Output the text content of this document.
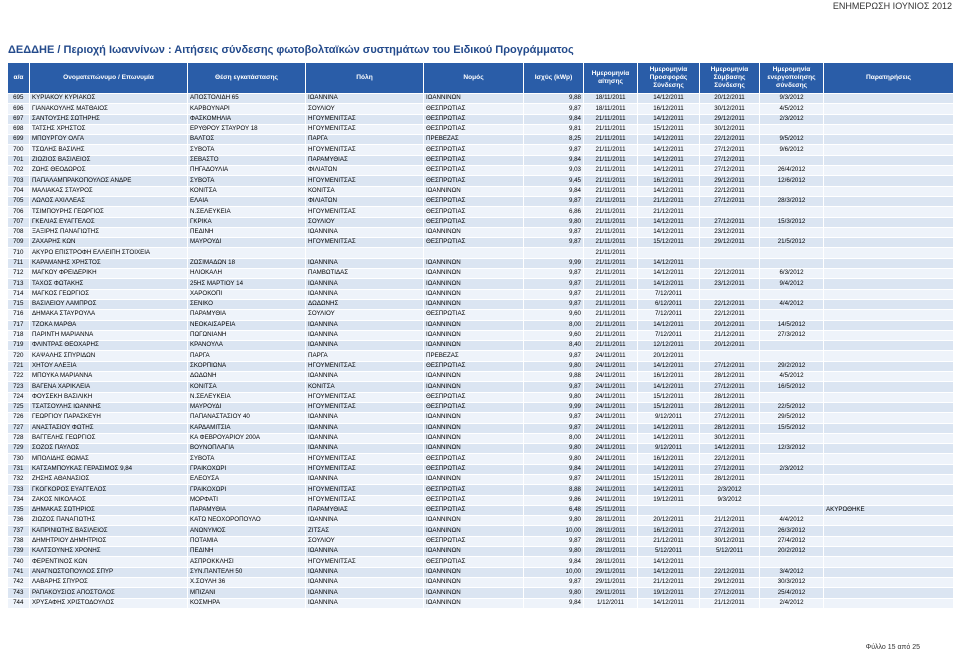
ΕΝΗΜΕΡΩΣΗ ΙΟΥΝΙΟΣ 2012
ΔΕΔΔΗΕ / Περιοχή Ιωαννίνων : Αιτήσεις σύνδεσης φωτοβολταϊκών συστημάτων του Ειδικού Προγράμματος
α/α	Ονοματεπώνυμο / Επωνυμία	Θέση εγκατάστασης	Πόλη	Νομός	Ισχύς (kWp)	Ημερομηνία αίτησης	Ημερομηνία Προσφοράς Σύνδεσης	Ημερομηνία Σύμβασης Σύνδεσης	Ημερομηνία ενεργοποίησης σύνδεσης	Παρατηρήσεις
695	ΚΥΡΙΑΚΟΥ ΚΥΡΙΑΚΟΣ	ΑΠΟΣΤΟΛΙΔΗ 65	ΙΩΑΝΝΙΝΑ	ΙΩΑΝΝΙΝΩΝ	9,88	18/11/2011	14/12/2011	20/12/2011	9/3/2012	
696	ΓΙΑΝΑΚΟΥΛΗΣ ΜΑΤΘΑΙΟΣ	ΚΑΡΒΟΥΝΑΡΙ	ΣΟΥΛΙΟΥ	ΘΕΣΠΡΩΤΙΑΣ	9,87	18/11/2011	16/12/2011	30/12/2011	4/5/2012	
697	ΣΑΝΤΟΥΣΗΣ ΣΩΤΗΡΗΣ	ΦΑΣΚΟΜΗΛΙΑ	ΗΓΟΥΜΕΝΙΤΣΑΣ	ΘΕΣΠΡΩΤΙΑΣ	9,84	21/11/2011	14/12/2011	29/12/2011	2/3/2012	
698	ΤΑΤΣΗΣ ΧΡΗΣΤΟΣ	ΕΡΥΘΡΟΥ ΣΤΑΥΡΟΥ 18	ΗΓΟΥΜΕΝΙΤΣΑΣ	ΘΕΣΠΡΩΤΙΑΣ	9,81	21/11/2011	15/12/2011	30/12/2011		
699	ΜΠΟΥΡΓΟΥ ΟΛΓΑ	ΒΑΛΤΟΣ	ΠΑΡΓΑ	ΠΡΕΒΕΖΑΣ	8,25	21/11/2011	14/12/2011	22/12/2011	9/5/2012	
700	ΤΣΩΛΗΣ ΒΑΣΙΛΗΣ	ΣΥΒΟΤΑ	ΗΓΟΥΜΕΝΙΤΣΑΣ	ΘΕΣΠΡΩΤΙΑΣ	9,87	21/11/2011	14/12/2011	27/12/2011	9/6/2012	
701	ΖΙΩΖΙΟΣ ΒΑΣΙΛΕΙΟΣ	ΣΕΒΑΣΤΟ	ΠΑΡΑΜΥΘΙΑΣ	ΘΕΣΠΡΩΤΙΑΣ	9,84	21/11/2011	14/12/2011	27/12/2011		
702	ΖΩΗΣ ΘΕΟΔΩΡΟΣ	ΠΗΓΑΔΟΥΛΙΑ	ΦΙΛΙΑΤΩΝ	ΘΕΣΠΡΩΤΙΑΣ	9,03	21/11/2011	14/12/2011	27/12/2011	26/4/2012	
703	ΠΑΠΑΛΑΜΠΡΑΚΟΠΟΥΛΟΣ ΑΝΔΡΕ	ΣΥΒΟΤΑ	ΗΓΟΥΜΕΝΙΤΣΑΣ	ΘΕΣΠΡΩΤΙΑΣ	9,45	21/11/2011	16/12/2011	29/12/2011	12/6/2012	
704	ΜΑΛΙΑΚΑΣ ΣΤΑΥΡΟΣ	ΚΟΝΙΤΣΑ	ΚΟΝΙΤΣΑ	ΙΩΑΝΝΙΝΩΝ	9,84	21/11/2011	14/12/2011	22/12/2011		
705	ΛΩΛΟΣ ΑΧΙΛΛΕΑΣ	ΕΛΑΙΑ	ΦΙΛΙΑΤΩΝ	ΘΕΣΠΡΩΤΙΑΣ	9,87	21/11/2011	21/12/2011	27/12/2011	28/3/2012	
706	ΤΣΙΜΠΟΥΡΗΣ ΓΕΩΡΓΙΟΣ	Ν.ΣΕΛΕΥΚΕΙΑ	ΗΓΟΥΜΕΝΙΤΣΑΣ	ΘΕΣΠΡΩΤΙΑΣ	6,86	21/11/2011	21/12/2011			
707	ΓΚΕΛΙΑΣ ΕΥΑΓΓΕΛΟΣ	ΓΚΡΙΚΑ	ΣΟΥΛΙΟΥ	ΘΕΣΠΡΩΤΙΑΣ	9,80	21/11/2011	14/12/2011	27/12/2011	15/3/2012	
708	ΞΑΞΙΡΗΣ ΠΑΝΑΓΙΩΤΗΣ	ΠΕΔΙΝΗ	ΙΩΑΝΝΙΝΑ	ΙΩΑΝΝΙΝΩΝ	9,87	21/11/2011	14/12/2011	23/12/2011		
709	ΖΑΧΑΡΗΣ ΚΩΝ	ΜΑΥΡΟΥΔΙ	ΗΓΟΥΜΕΝΙΤΣΑΣ	ΘΕΣΠΡΩΤΙΑΣ	9,87	21/11/2011	15/12/2011	29/12/2011	21/5/2012	
710	ΑΚΥΡΟ ΕΠΙΣΤΡΟΦΗ ΕΛΛΕΙΠΗ ΣΤΟΙΧΕΙΑ					21/11/2011				
711	ΚΑΡΑΜΑΝΗΣ ΧΡΗΣΤΟΣ	ΖΩΣΙΜΑΔΩΝ 18	ΙΩΑΝΝΙΝΑ	ΙΩΑΝΝΙΝΩΝ	9,99	21/11/2011	14/12/2011			
712	ΜΑΓΚΟΥ ΦΡΕΙΔΕΡΙΚΗ	ΗΛΙΟΚΑΛΗ	ΠΑΜΒΩΤΙΔΑΣ	ΙΩΑΝΝΙΝΩΝ	9,87	21/11/2011	14/12/2011	22/12/2011	6/3/2012	
713	ΤΑΧΟΣ ΦΩΤΑΚΗΣ	25ΗΣ ΜΑΡΤΙΟΥ 14	ΙΩΑΝΝΙΝΑ	ΙΩΑΝΝΙΝΩΝ	9,87	21/11/2011	14/12/2011	23/12/2011	9/4/2012	
714	ΜΑΓΚΟΣ ΓΕΩΡΓΙΟΣ	ΧΑΡΟΚΟΠΙ	ΙΩΑΝΝΙΝΑ	ΙΩΑΝΝΙΝΩΝ	9,87	21/11/2011	7/12/2011			
715	ΒΑΣΙΛΕΙΟΥ ΛΑΜΠΡΟΣ	ΣΕΝΙΚΟ	ΔΩΔΩΝΗΣ	ΙΩΑΝΝΙΝΩΝ	9,87	21/11/2011	6/12/2011	22/12/2011	4/4/2012	
716	ΔΗΜΑΚΑ ΣΤΑΥΡΟΥΛΑ	ΠΑΡΑΜΥΘΙΑ	ΣΟΥΛΙΟΥ	ΘΕΣΠΡΩΤΙΑΣ	9,60	21/11/2011	7/12/2011	22/12/2011		
717	ΤΖΟΚΑ ΜΑΡΘΑ	ΝΕΟΚΑΙΣΑΡΕΙΑ	ΙΩΑΝΝΙΝΑ	ΙΩΑΝΝΙΝΩΝ	8,00	21/11/2011	14/12/2011	20/12/2011	14/5/2012	
718	ΠΑΡΙΝΤΗ ΜΑΡΙΑΝΝΑ	ΠΩΓΩΝΙΑΝΗ	ΙΩΑΝΝΙΝΑ	ΙΩΑΝΝΙΝΩΝ	9,60	21/11/2011	7/12/2011	21/12/2011	27/3/2012	
719	ΦΛΙΝΤΡΑΣ ΘΕΟΧΑΡΗΣ	ΚΡΑΝΟΥΛΑ	ΙΩΑΝΝΙΝΑ	ΙΩΑΝΝΙΝΩΝ	8,40	21/11/2011	12/12/2011	20/12/2011		
720	ΚΑΨΑΛΗΣ ΣΠΥΡΙΔΩΝ	ΠΑΡΓΑ	ΠΑΡΓΑ	ΠΡΕΒΕΖΑΣ	9,87	24/11/2011	20/12/2011			
721	ΧΗΤΟΥ ΑΛΕΞΙΑ	ΣΚΟΡΠΙΩΝΑ	ΗΓΟΥΜΕΝΙΤΣΑΣ	ΘΕΣΠΡΩΤΙΑΣ	9,80	24/11/2011	14/12/2011	27/12/2011	29/2/2012	
722	ΜΠΟΥΚΑ ΜΑΡΙΑΝΝΑ	ΔΩΔΩΝΗ	ΙΩΑΝΝΙΝΑ	ΙΩΑΝΝΙΝΩΝ	9,88	24/11/2011	16/12/2011	28/12/2011	4/5/2012	
723	ΒΑΓΕΝΑ ΧΑΡΙΚΛΕΙΑ	ΚΟΝΙΤΣΑ	ΚΟΝΙΤΣΑ	ΙΩΑΝΝΙΝΩΝ	9,87	24/11/2011	14/12/2011	27/12/2011	16/5/2012	
724	ΦΟΥΣΕΚΗ ΒΑΣΙΛΙΚΗ	Ν.ΣΕΛΕΥΚΕΙΑ	ΗΓΟΥΜΕΝΙΤΣΑΣ	ΘΕΣΠΡΩΤΙΑΣ	9,80	24/11/2011	15/12/2011	28/12/2011		
725	ΤΣΑΤΣΟΥΛΗΣ ΙΩΑΝΝΗΣ	ΜΑΥΡΟΥΔΙ	ΗΓΟΥΜΕΝΙΤΣΑΣ	ΘΕΣΠΡΩΤΙΑΣ	9,99	24/11/2011	15/12/2011	28/12/2011	22/5/2012	
726	ΓΕΩΡΓΙΟΥ ΠΑΡΑΣΚΕΥΗ	ΠΑΠΑΝΑΣΤΑΣΙΟΥ 40	ΙΩΑΝΝΙΝΑ	ΙΩΑΝΝΙΝΩΝ	9,87	24/11/2011	9/12/2011	27/12/2011	29/5/2012	
727	ΑΝΑΣΤΑΣΙΟΥ ΦΩΤΗΣ	ΚΑΡΔΑΜΙΤΣΙΑ	ΙΩΑΝΝΙΝΑ	ΙΩΑΝΝΙΝΩΝ	9,87	24/11/2011	14/12/2011	28/12/2011	15/5/2012	
728	ΒΑΓΓΕΛΗΣ ΓΕΩΡΓΙΟΣ	ΚΑ ΦΕΒΡΟΥΑΡΙΟΥ 200Α	ΙΩΑΝΝΙΝΑ	ΙΩΑΝΝΙΝΩΝ	8,00	24/11/2011	14/12/2011	30/12/2011		
729	ΣΟΖΟΣ ΠΑΥΛΟΣ	ΒΟΥΝΟΠΛΑΓΙΑ	ΙΩΑΝΝΙΝΑ	ΙΩΑΝΝΙΝΩΝ	9,80	24/11/2011	9/12/2011	14/12/2011	12/3/2012	
730	ΜΠΟΛΙΔΗΣ ΘΩΜΑΣ	ΣΥΒΟΤΑ	ΗΓΟΥΜΕΝΙΤΣΑΣ	ΘΕΣΠΡΩΤΙΑΣ	9,80	24/11/2011	16/12/2011	22/12/2011		
731	ΚΑΤΣΑΜΠΟΥΚΑΣ ΓΕΡΑΣΙΜΟΣ 9,84	ΓΡΑΙΚΟΧΩΡΙ	ΗΓΟΥΜΕΝΙΤΣΑΣ	ΘΕΣΠΡΩΤΙΑΣ	9,84	24/11/2011	14/12/2011	27/12/2011	2/3/2012	
732	ΖΗΣΗΣ ΑΘΑΝΑΣΙΟΣ	ΕΛΕΟΥΣΑ	ΙΩΑΝΝΙΝΑ	ΙΩΑΝΝΙΝΩΝ	9,87	24/11/2011	15/12/2011	28/12/2011		
733	ΓΚΟΓΚΟΡΟΣ ΕΥΑΓΓΕΛΟΣ	ΓΡΑΙΚΟΧΩΡΙ	ΗΓΟΥΜΕΝΙΤΣΑΣ	ΘΕΣΠΡΩΤΙΑΣ	8,88	24/11/2011	14/12/2011	2/3/2012		
734	ΖΑΚΟΣ ΝΙΚΟΛΑΟΣ	ΜΟΡΦΑΤΙ	ΗΓΟΥΜΕΝΙΤΣΑΣ	ΘΕΣΠΡΩΤΙΑΣ	9,86	24/11/2011	19/12/2011	9/3/2012		
735	ΔΗΜΑΚΑΣ ΣΩΤΗΡΙΟΣ	ΠΑΡΑΜΥΘΙΑ	ΠΑΡΑΜΥΘΙΑΣ	ΘΕΣΠΡΩΤΙΑΣ	6,48	25/11/2011				ΑΚΥΡΩΘΗΚΕ
736	ΖΙΩΖΟΣ ΠΑΝΑΓΙΩΤΗΣ	ΚΑΤΩ ΝΕΟΧΟΡΟΠΟΥΛΟ	ΙΩΑΝΝΙΝΑ	ΙΩΑΝΝΙΝΩΝ	9,80	28/11/2011	20/12/2011	21/12/2011	4/4/2012	
737	ΚΑΠΡΙΝΙΩΤΗΣ ΒΑΣΙΛΕΙΟΣ	ΑΝΩΝΥΜΟΣ	ΖΙΤΣΑΣ	ΙΩΑΝΝΙΝΩΝ	10,00	28/11/2011	16/12/2011	27/12/2011	26/3/2012	
738	ΔΗΜΗΤΡΙΟΥ ΔΗΜΗΤΡΙΟΣ	ΠΟΤΑΜΙΑ	ΣΟΥΛΙΟΥ	ΘΕΣΠΡΩΤΙΑΣ	9,87	28/11/2011	21/12/2011	30/12/2011	27/4/2012	
739	ΚΑΛΤΣΟΥΝΗΣ ΧΡΟΝΗΣ	ΠΕΔΙΝΗ	ΙΩΑΝΝΙΝΑ	ΙΩΑΝΝΙΝΩΝ	9,80	28/11/2011	5/12/2011	5/12/2011	20/2/2012	
740	ΦΕΡΕΝΤΙΝΟΣ ΚΩΝ	ΑΣΠΡΟΚΚΛΗΣΙ	ΗΓΟΥΜΕΝΙΤΣΑΣ	ΘΕΣΠΡΩΤΙΑΣ	9,84	28/11/2011	14/12/2011			
741	ΑΝΑΓΝΩΣΤΟΠΟΥΛΟΣ ΣΠΥΡ	ΣΥΝ.ΠΑΝΤΕΛΗ 50	ΙΩΑΝΝΙΝΑ	ΙΩΑΝΝΙΝΩΝ	10,00	29/11/2011	14/12/2011	22/12/2011	3/4/2012	
742	ΛΑΒΑΡΗΣ ΣΠΥΡΟΣ	Χ.ΣΟΥΛΗ 36	ΙΩΑΝΝΙΝΑ	ΙΩΑΝΝΙΝΩΝ	9,87	29/11/2011	21/12/2011	29/12/2011	30/3/2012	
743	ΡΑΠΑΚΟΥΣΙΟΣ ΑΠΟΣΤΟΛΟΣ	ΜΠΙΖΑΝΙ	ΙΩΑΝΝΙΝΑ	ΙΩΑΝΝΙΝΩΝ	9,80	29/11/2011	19/12/2011	27/12/2011	25/4/2012	
744	ΧΡΥΣΑΦΗΣ ΧΡΙΣΤΟΔΟΥΛΟΣ	ΚΟΣΜΗΡΑ	ΙΩΑΝΝΙΝΑ	ΙΩΑΝΝΙΝΩΝ	9,84	1/12/2011	14/12/2011	21/12/2011	2/4/2012	
Φύλλο 15 από 25
